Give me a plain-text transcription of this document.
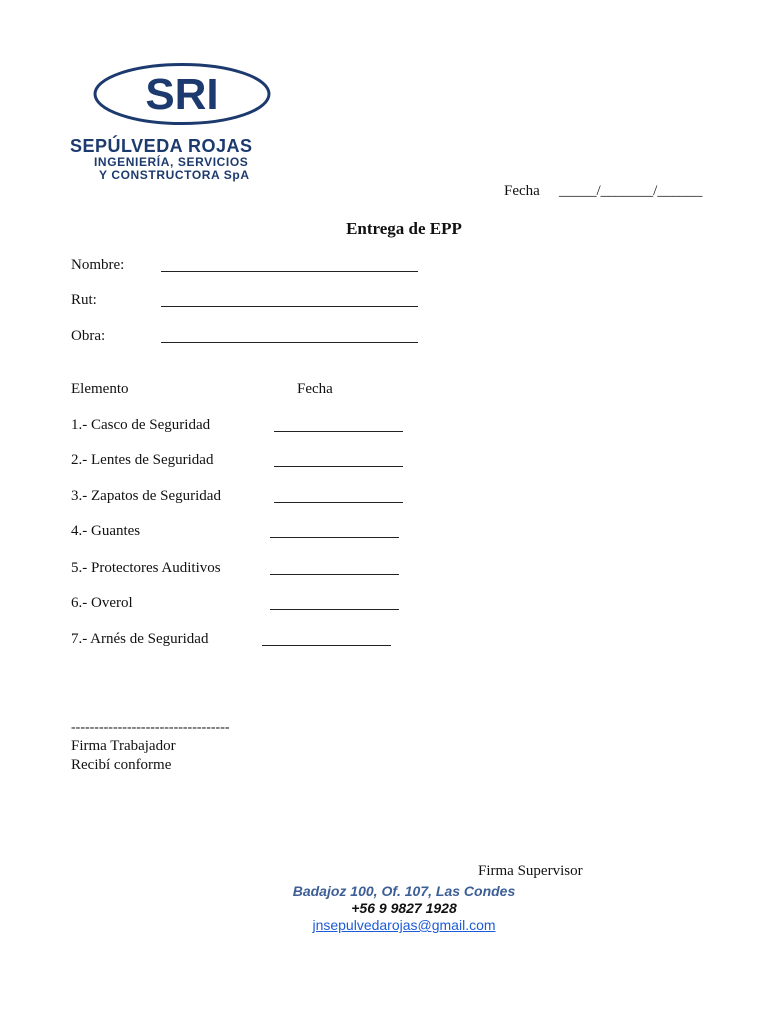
SRI
SEPÚLVEDA ROJAS
INGENIERÍA, SERVICIOS
Y CONSTRUCTORA SpA
Fecha _____/_______/______
Entrega de EPP
Nombre:
Rut:
Obra:
Elemento	Fecha
1.- Casco de Seguridad
2.- Lentes de Seguridad
3.- Zapatos de Seguridad
4.- Guantes
5.- Protectores Auditivos
6.- Overol
7.- Arnés de Seguridad
----------------------------------
Firma Trabajador
Recibí conforme
Firma Supervisor
Badajoz 100, Of. 107, Las Condes
+56 9 9827 1928
jnsepulvedarojas@gmail.com
